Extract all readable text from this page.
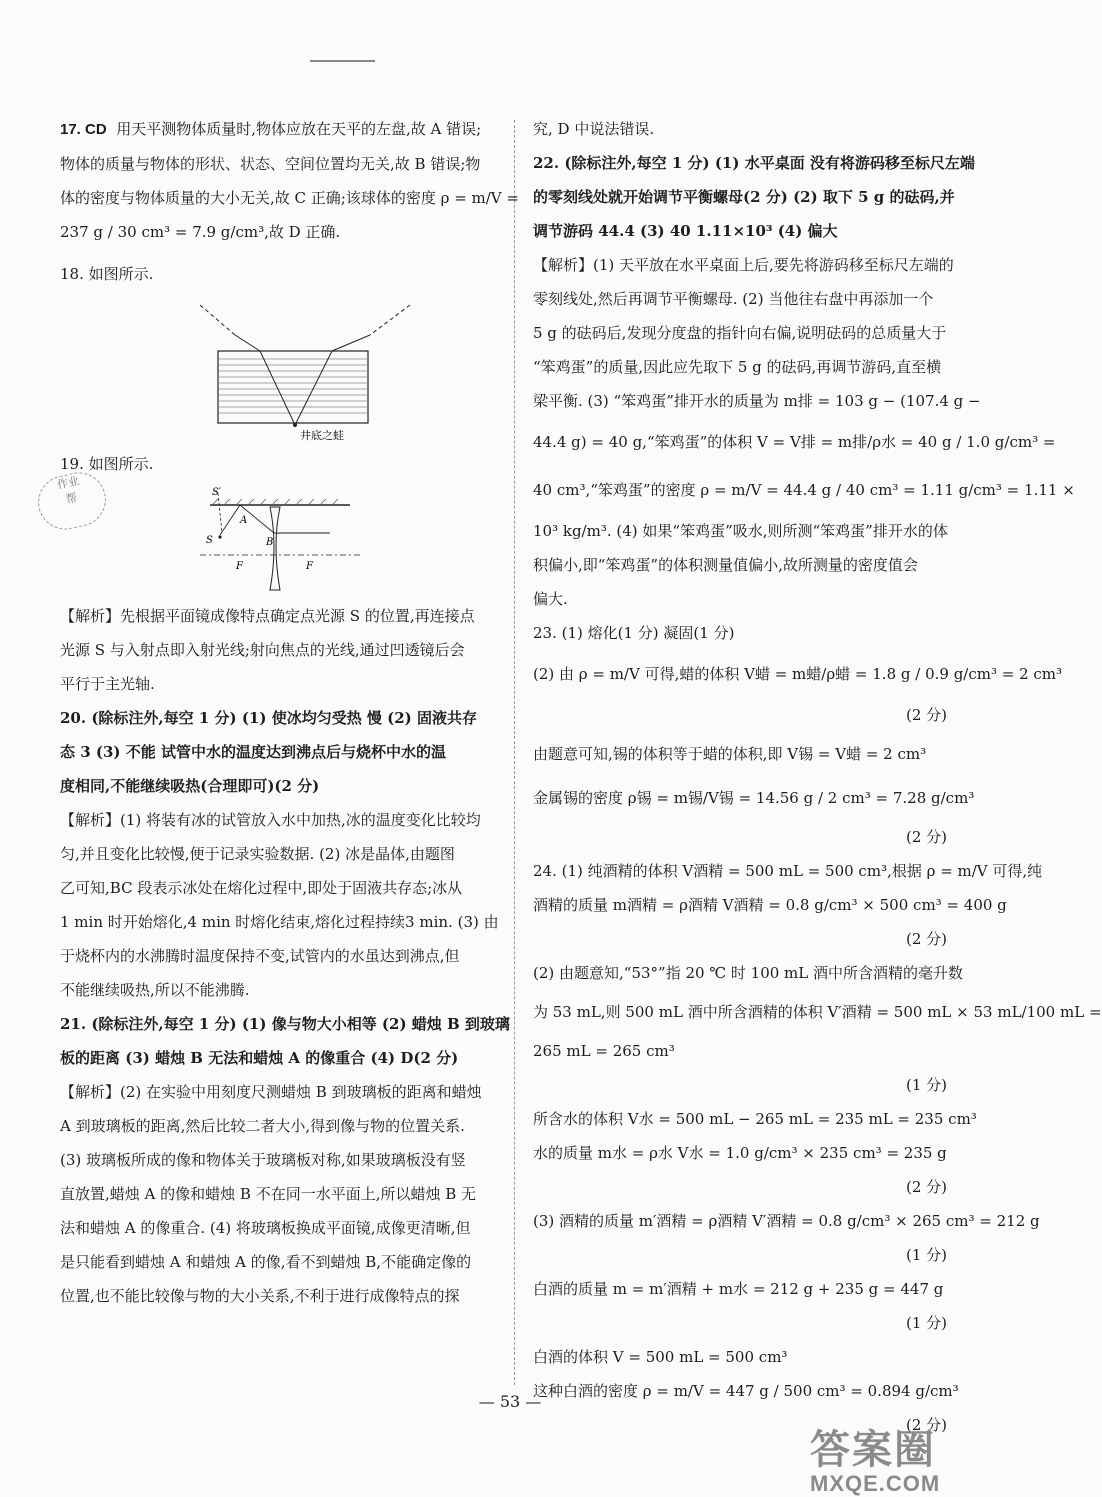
17. CD 用天平测物体质量时,物体应放在天平的左盘,故 A 错误;
物体的质量与物体的形状、状态、空间位置均无关,故 B 错误;物
体的密度与物体质量的大小无关,故 C 正确;该球体的密度 ρ = m/V =
237 g / 30 cm³ = 7.9 g/cm³,故 D 正确.
18. 如图所示.
井底之蛙
19. 如图所示.
S′
S
A
B
F	F
【解析】先根据平面镜成像特点确定点光源 S 的位置,再连接点
光源 S 与入射点即入射光线;射向焦点的光线,通过凹透镜后会
平行于主光轴.
20. (除标注外,每空 1 分) (1) 使冰均匀受热 慢 (2) 固液共存
态 3 (3) 不能 试管中水的温度达到沸点后与烧杯中水的温
度相同,不能继续吸热(合理即可)(2 分)
【解析】(1) 将装有冰的试管放入水中加热,冰的温度变化比较均
匀,并且变化比较慢,便于记录实验数据. (2) 冰是晶体,由题图
乙可知,BC 段表示冰处在熔化过程中,即处于固液共存态;冰从
1 min 时开始熔化,4 min 时熔化结束,熔化过程持续3 min. (3) 由
于烧杯内的水沸腾时温度保持不变,试管内的水虽达到沸点,但
不能继续吸热,所以不能沸腾.
21. (除标注外,每空 1 分) (1) 像与物大小相等 (2) 蜡烛 B 到玻璃
板的距离 (3) 蜡烛 B 无法和蜡烛 A 的像重合 (4) D(2 分)
【解析】(2) 在实验中用刻度尺测蜡烛 B 到玻璃板的距离和蜡烛
A 到玻璃板的距离,然后比较二者大小,得到像与物的位置关系.
(3) 玻璃板所成的像和物体关于玻璃板对称,如果玻璃板没有竖
直放置,蜡烛 A 的像和蜡烛 B 不在同一水平面上,所以蜡烛 B 无
法和蜡烛 A 的像重合. (4) 将玻璃板换成平面镜,成像更清晰,但
是只能看到蜡烛 A 和蜡烛 A 的像,看不到蜡烛 B,不能确定像的
位置,也不能比较像与物的大小关系,不利于进行成像特点的探
作业
帮
究, D 中说法错误.
22. (除标注外,每空 1 分) (1) 水平桌面 没有将游码移至标尺左端
的零刻线处就开始调节平衡螺母(2 分) (2) 取下 5 g 的砝码,并
调节游码 44.4 (3) 40 1.11×10³ (4) 偏大
【解析】(1) 天平放在水平桌面上后,要先将游码移至标尺左端的
零刻线处,然后再调节平衡螺母. (2) 当他往右盘中再添加一个
5 g 的砝码后,发现分度盘的指针向右偏,说明砝码的总质量大于
“笨鸡蛋”的质量,因此应先取下 5 g 的砝码,再调节游码,直至横
梁平衡. (3) “笨鸡蛋”排开水的质量为 m排 = 103 g − (107.4 g −
44.4 g) = 40 g,“笨鸡蛋”的体积 V = V排 = m排/ρ水 = 40 g / 1.0 g/cm³ =
40 cm³,“笨鸡蛋”的密度 ρ = m/V = 44.4 g / 40 cm³ = 1.11 g/cm³ = 1.11 ×
10³ kg/m³. (4) 如果“笨鸡蛋”吸水,则所测“笨鸡蛋”排开水的体
积偏小,即“笨鸡蛋”的体积测量值偏小,故所测量的密度值会
偏大.
23. (1) 熔化(1 分) 凝固(1 分)
(2) 由 ρ = m/V 可得,蜡的体积 V蜡 = m蜡/ρ蜡 = 1.8 g / 0.9 g/cm³ = 2 cm³
(2 分)
由题意可知,锡的体积等于蜡的体积,即 V锡 = V蜡 = 2 cm³
金属锡的密度 ρ锡 = m锡/V锡 = 14.56 g / 2 cm³ = 7.28 g/cm³
(2 分)
24. (1) 纯酒精的体积 V酒精 = 500 mL = 500 cm³,根据 ρ = m/V 可得,纯
酒精的质量 m酒精 = ρ酒精 V酒精 = 0.8 g/cm³ × 500 cm³ = 400 g
(2 分)
(2) 由题意知,“53°”指 20 ℃ 时 100 mL 酒中所含酒精的毫升数
为 53 mL,则 500 mL 酒中所含酒精的体积 V′酒精 = 500 mL × 53 mL/100 mL =
265 mL = 265 cm³
(1 分)
所含水的体积 V水 = 500 mL − 265 mL = 235 mL = 235 cm³
水的质量 m水 = ρ水 V水 = 1.0 g/cm³ × 235 cm³ = 235 g
(2 分)
(3) 酒精的质量 m′酒精 = ρ酒精 V′酒精 = 0.8 g/cm³ × 265 cm³ = 212 g
(1 分)
白酒的质量 m = m′酒精 + m水 = 212 g + 235 g = 447 g
(1 分)
白酒的体积 V = 500 mL = 500 cm³
这种白酒的密度 ρ = m/V = 447 g / 500 cm³ = 0.894 g/cm³
(2 分)
— 53 —
答案圈
MXQE.COM
